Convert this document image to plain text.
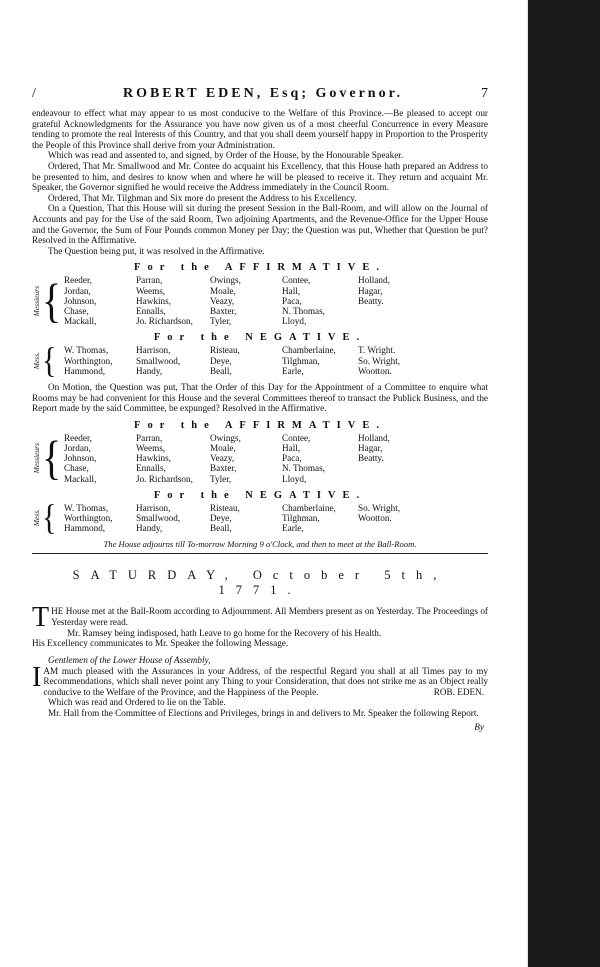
/	ROBERT EDEN, Esq; Governor.	7

endeavour to effect what may appear to us most conducive to the Welfare of this Province.—Be pleased to accept our grateful Acknowledgments for the Assurance you have now given us of a most cheerful Concurrence in every Measure tending to promote the real Interests of this Country, and that you shall deem yourself happy in Proportion to the Prosperity the People of this Province shall derive from your Administration.

Which was read and assented to, and signed, by Order of the House, by the Honourable Speaker.

Ordered, That Mr. Smallwood and Mr. Contee do acquaint his Excellency, that this House hath prepared an Address to be presented to him, and desires to know when and where he will be pleased to receive it. They return and acquaint Mr. Speaker, the Governor signified he would receive the Address immediately in the Council Room.

Ordered, That Mr. Tilghman and Six more do present the Address to his Excellency.

On a Question, That this House will sit during the present Session in the Ball-Room, and will allow on the Journal of Accounts and pay for the Use of the said Room, Two adjoining Apartments, and the Revenue-Office for the Upper House and the Governor, the Sum of Four Pounds common Money per Day; the Question was put, Whether that Question be put? Resolved in the Affirmative.

The Question being put, it was resolved in the Affirmative.

For the AFFIRMATIVE.
Messieurs { Reeder,	Parran,	Owings,	Contee,	Holland,
Jordan,	Weems,	Moale,	Hall,	Hagar,
Johnson,	Hawkins,	Veazy,	Paca,	Beatty.
Chase,	Ennalls,	Baxter,	N. Thomas,	
Mackall,	Jo. Richardson,	Tyler,	Lloyd,	
For the NEGATIVE.
Mess. { W. Thomas,	Harrison,	Risteau,	Chamberlaine,	T. Wright.
Worthington,	Smallwood,	Deye,	Tilghman,	So. Wright,
Hammond,	Handy,	Beall,	Earle,	Wootton.

On Motion, the Question was put, That the Order of this Day for the Appointment of a Committee to enquire what Rooms may be had convenient for this House and the several Committees thereof to transact the Publick Business, and the Report made by the said Committee, be expunged? Resolved in the Affirmative.

For the AFFIRMATIVE.
Messieurs { Reeder,	Parran,	Owings,	Contee,	Holland,
Jordan,	Weems,	Moale,	Hall,	Hagar,
Johnson,	Hawkins,	Veazy,	Paca,	Beatty.
Chase,	Ennalls,	Baxter,	N. Thomas,	
Mackall,	Jo. Richardson,	Tyler,	Lloyd,	
For the NEGATIVE.
Mess. { W. Thomas,	Harrison,	Risteau,	Chamberlaine,	So. Wright,
Worthington,	Smallwood,	Deye,	Tilghman,	Wootton.
Hammond,	Handy,	Beall,	Earle,	
The House adjourns till To-morrow Morning 9 o'Clock, and then to meet at the Ball-Room.
SATURDAY, October 5th, 1771.

THE House met at the Ball-Room according to Adjournment. All Members present as on Yesterday. The Proceedings of Yesterday were read.

Mr. Ramsey being indisposed, hath Leave to go home for the Recovery of his Health.

His Excellency communicates to Mr. Speaker the following Message.

Gentlemen of the Lower House of Assembly,

IAM much pleased with the Assurances in your Address, of the respectful Regard you shall at all Times pay to my Recommendations, which shall never point any Thing to your Consideration, that does not strike me as an Object really conducive to the Welfare of the Province, and the Happiness of the People.	ROB. EDEN.

Which was read and Ordered to lie on the Table.

Mr. Hall from the Committee of Elections and Privileges, brings in and delivers to Mr. Speaker the following Report.

By
